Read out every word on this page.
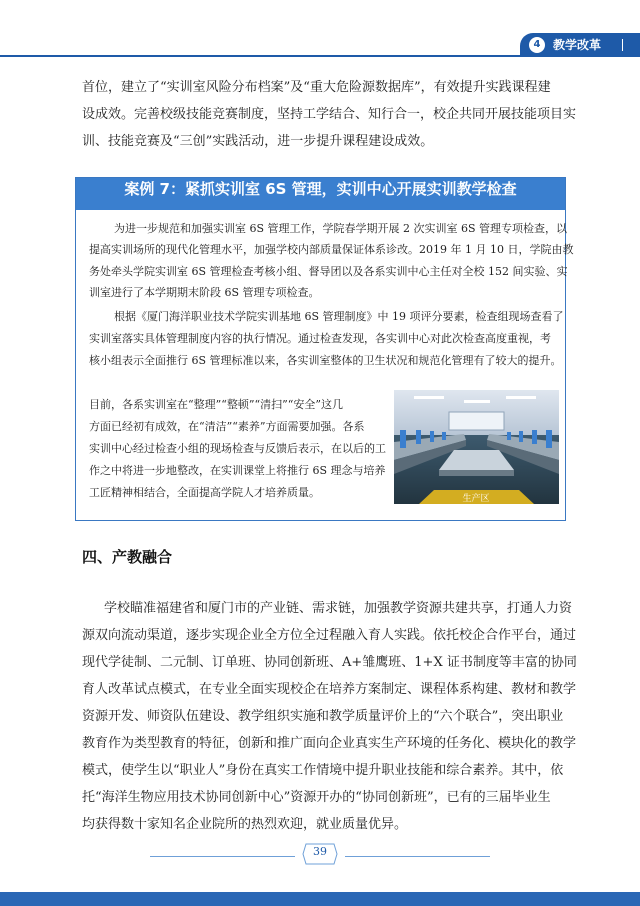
4	教学改革
首位，建立了“实训室风险分布档案”及“重大危险源数据库”，有效提升实践课程建
设成效。完善校级技能竞赛制度，坚持工学结合、知行合一，校企共同开展技能项目实
训、技能竞赛及“三创”实践活动，进一步提升课程建设成效。
案例 7：紧抓实训室 6S 管理，实训中心开展实训教学检查
为进一步规范和加强实训室 6S 管理工作，学院春学期开展 2 次实训室 6S 管理专项检查，以
提高实训场所的现代化管理水平，加强学校内部质量保证体系诊改。2019 年 1 月 10 日，学院由教
务处牵头学院实训室 6S 管理检查考核小组、督导团以及各系实训中心主任对全校 152 间实验、实
训室进行了本学期期末阶段 6S 管理专项检查。
根据《厦门海洋职业技术学院实训基地 6S 管理制度》中 19 项评分要素，检查组现场查看了
实训室落实具体管理制度内容的执行情况。通过检查发现，各实训中心对此次检查高度重视，考
核小组表示全面推行 6S 管理标准以来，各实训室整体的卫生状况和规范化管理有了较大的提升。
目前，各系实训室在“整理”“整顿”“清扫”“安全”这几
方面已经初有成效，在“清洁”“素养”方面需要加强。各系
实训中心经过检查小组的现场检查与反馈后表示，在以后的工
作之中将进一步地整改，在实训课堂上将推行 6S 理念与培养
工匠精神相结合，全面提高学院人才培养质量。	生产区
四、产教融合
学校瞄准福建省和厦门市的产业链、需求链，加强教学资源共建共享，打通人力资
源双向流动渠道，逐步实现企业全方位全过程融入育人实践。依托校企合作平台，通过
现代学徒制、二元制、订单班、协同创新班、A+雏鹰班、1+X 证书制度等丰富的协同
育人改革试点模式，在专业全面实现校企在培养方案制定、课程体系构建、教材和教学
资源开发、师资队伍建设、教学组织实施和教学质量评价上的“六个联合”，突出职业
教育作为类型教育的特征，创新和推广面向企业真实生产环境的任务化、模块化的教学
模式，使学生以“职业人”身份在真实工作情境中提升职业技能和综合素养。其中，依
托“海洋生物应用技术协同创新中心”资源开办的“协同创新班”，已有的三届毕业生
均获得数十家知名企业院所的热烈欢迎，就业质量优异。
39
